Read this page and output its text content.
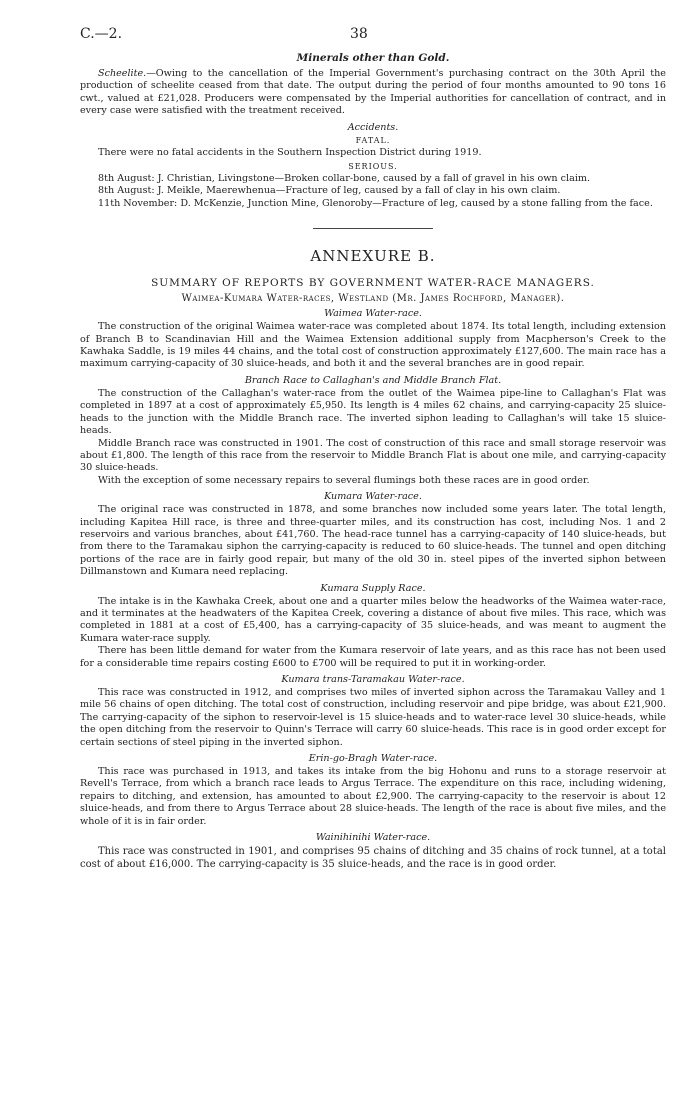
C.—2.	38
Minerals other than Gold.

Scheelite.—Owing to the cancellation of the Imperial Government's purchasing contract on the 30th April the production of scheelite ceased from that date. The output during the period of four months amounted to 90 tons 16 cwt., valued at £21,028. Producers were compensated by the Imperial authorities for cancellation of contract, and in every case were satisfied with the treatment received.

Accidents.
FATAL.

There were no fatal accidents in the Southern Inspection District during 1919.

SERIOUS.

8th August: J. Christian, Livingstone—Broken collar-bone, caused by a fall of gravel in his own claim.

8th August: J. Meikle, Maerewhenua—Fracture of leg, caused by a fall of clay in his own claim.

11th November: D. McKenzie, Junction Mine, Glenoroby—Fracture of leg, caused by a stone falling from the face.

ANNEXURE B.
SUMMARY OF REPORTS BY GOVERNMENT WATER-RACE MANAGERS.
Waimea-Kumara Water-races, Westland (Mr. James Rochford, Manager).
Waimea Water-race.

The construction of the original Waimea water-race was completed about 1874. Its total length, including extension of Branch B to Scandinavian Hill and the Waimea Extension additional supply from Macpherson's Creek to the Kawhaka Saddle, is 19 miles 44 chains, and the total cost of construction approximately £127,600. The main race has a maximum carrying-capacity of 30 sluice-heads, and both it and the several branches are in good repair.

Branch Race to Callaghan's and Middle Branch Flat.

The construction of the Callaghan's water-race from the outlet of the Waimea pipe-line to Callaghan's Flat was completed in 1897 at a cost of approximately £5,950. Its length is 4 miles 62 chains, and carrying-capacity 25 sluice-heads to the junction with the Middle Branch race. The inverted siphon leading to Callaghan's will take 15 sluice-heads.

Middle Branch race was constructed in 1901. The cost of construction of this race and small storage reservoir was about £1,800. The length of this race from the reservoir to Middle Branch Flat is about one mile, and carrying-capacity 30 sluice-heads.

With the exception of some necessary repairs to several flumings both these races are in good order.

Kumara Water-race.

The original race was constructed in 1878, and some branches now included some years later. The total length, including Kapitea Hill race, is three and three-quarter miles, and its construction has cost, including Nos. 1 and 2 reservoirs and various branches, about £41,760. The head-race tunnel has a carrying-capacity of 140 sluice-heads, but from there to the Taramakau siphon the carrying-capacity is reduced to 60 sluice-heads. The tunnel and open ditching portions of the race are in fairly good repair, but many of the old 30 in. steel pipes of the inverted siphon between Dillmanstown and Kumara need replacing.

Kumara Supply Race.

The intake is in the Kawhaka Creek, about one and a quarter miles below the headworks of the Waimea water-race, and it terminates at the headwaters of the Kapitea Creek, covering a distance of about five miles. This race, which was completed in 1881 at a cost of £5,400, has a carrying-capacity of 35 sluice-heads, and was meant to augment the Kumara water-race supply.

There has been little demand for water from the Kumara reservoir of late years, and as this race has not been used for a considerable time repairs costing £600 to £700 will be required to put it in working-order.

Kumara trans-Taramakau Water-race.

This race was constructed in 1912, and comprises two miles of inverted siphon across the Taramakau Valley and 1 mile 56 chains of open ditching. The total cost of construction, including reservoir and pipe bridge, was about £21,900. The carrying-capacity of the siphon to reservoir-level is 15 sluice-heads and to water-race level 30 sluice-heads, while the open ditching from the reservoir to Quinn's Terrace will carry 60 sluice-heads. This race is in good order except for certain sections of steel piping in the inverted siphon.

Erin-go-Bragh Water-race.

This race was purchased in 1913, and takes its intake from the big Hohonu and runs to a storage reservoir at Revell's Terrace, from which a branch race leads to Argus Terrace. The expenditure on this race, including widening, repairs to ditching, and extension, has amounted to about £2,900. The carrying-capacity to the reservoir is about 12 sluice-heads, and from there to Argus Terrace about 28 sluice-heads. The length of the race is about five miles, and the whole of it is in fair order.

Wainihinihi Water-race.

This race was constructed in 1901, and comprises 95 chains of ditching and 35 chains of rock tunnel, at a total cost of about £16,000. The carrying-capacity is 35 sluice-heads, and the race is in good order.
